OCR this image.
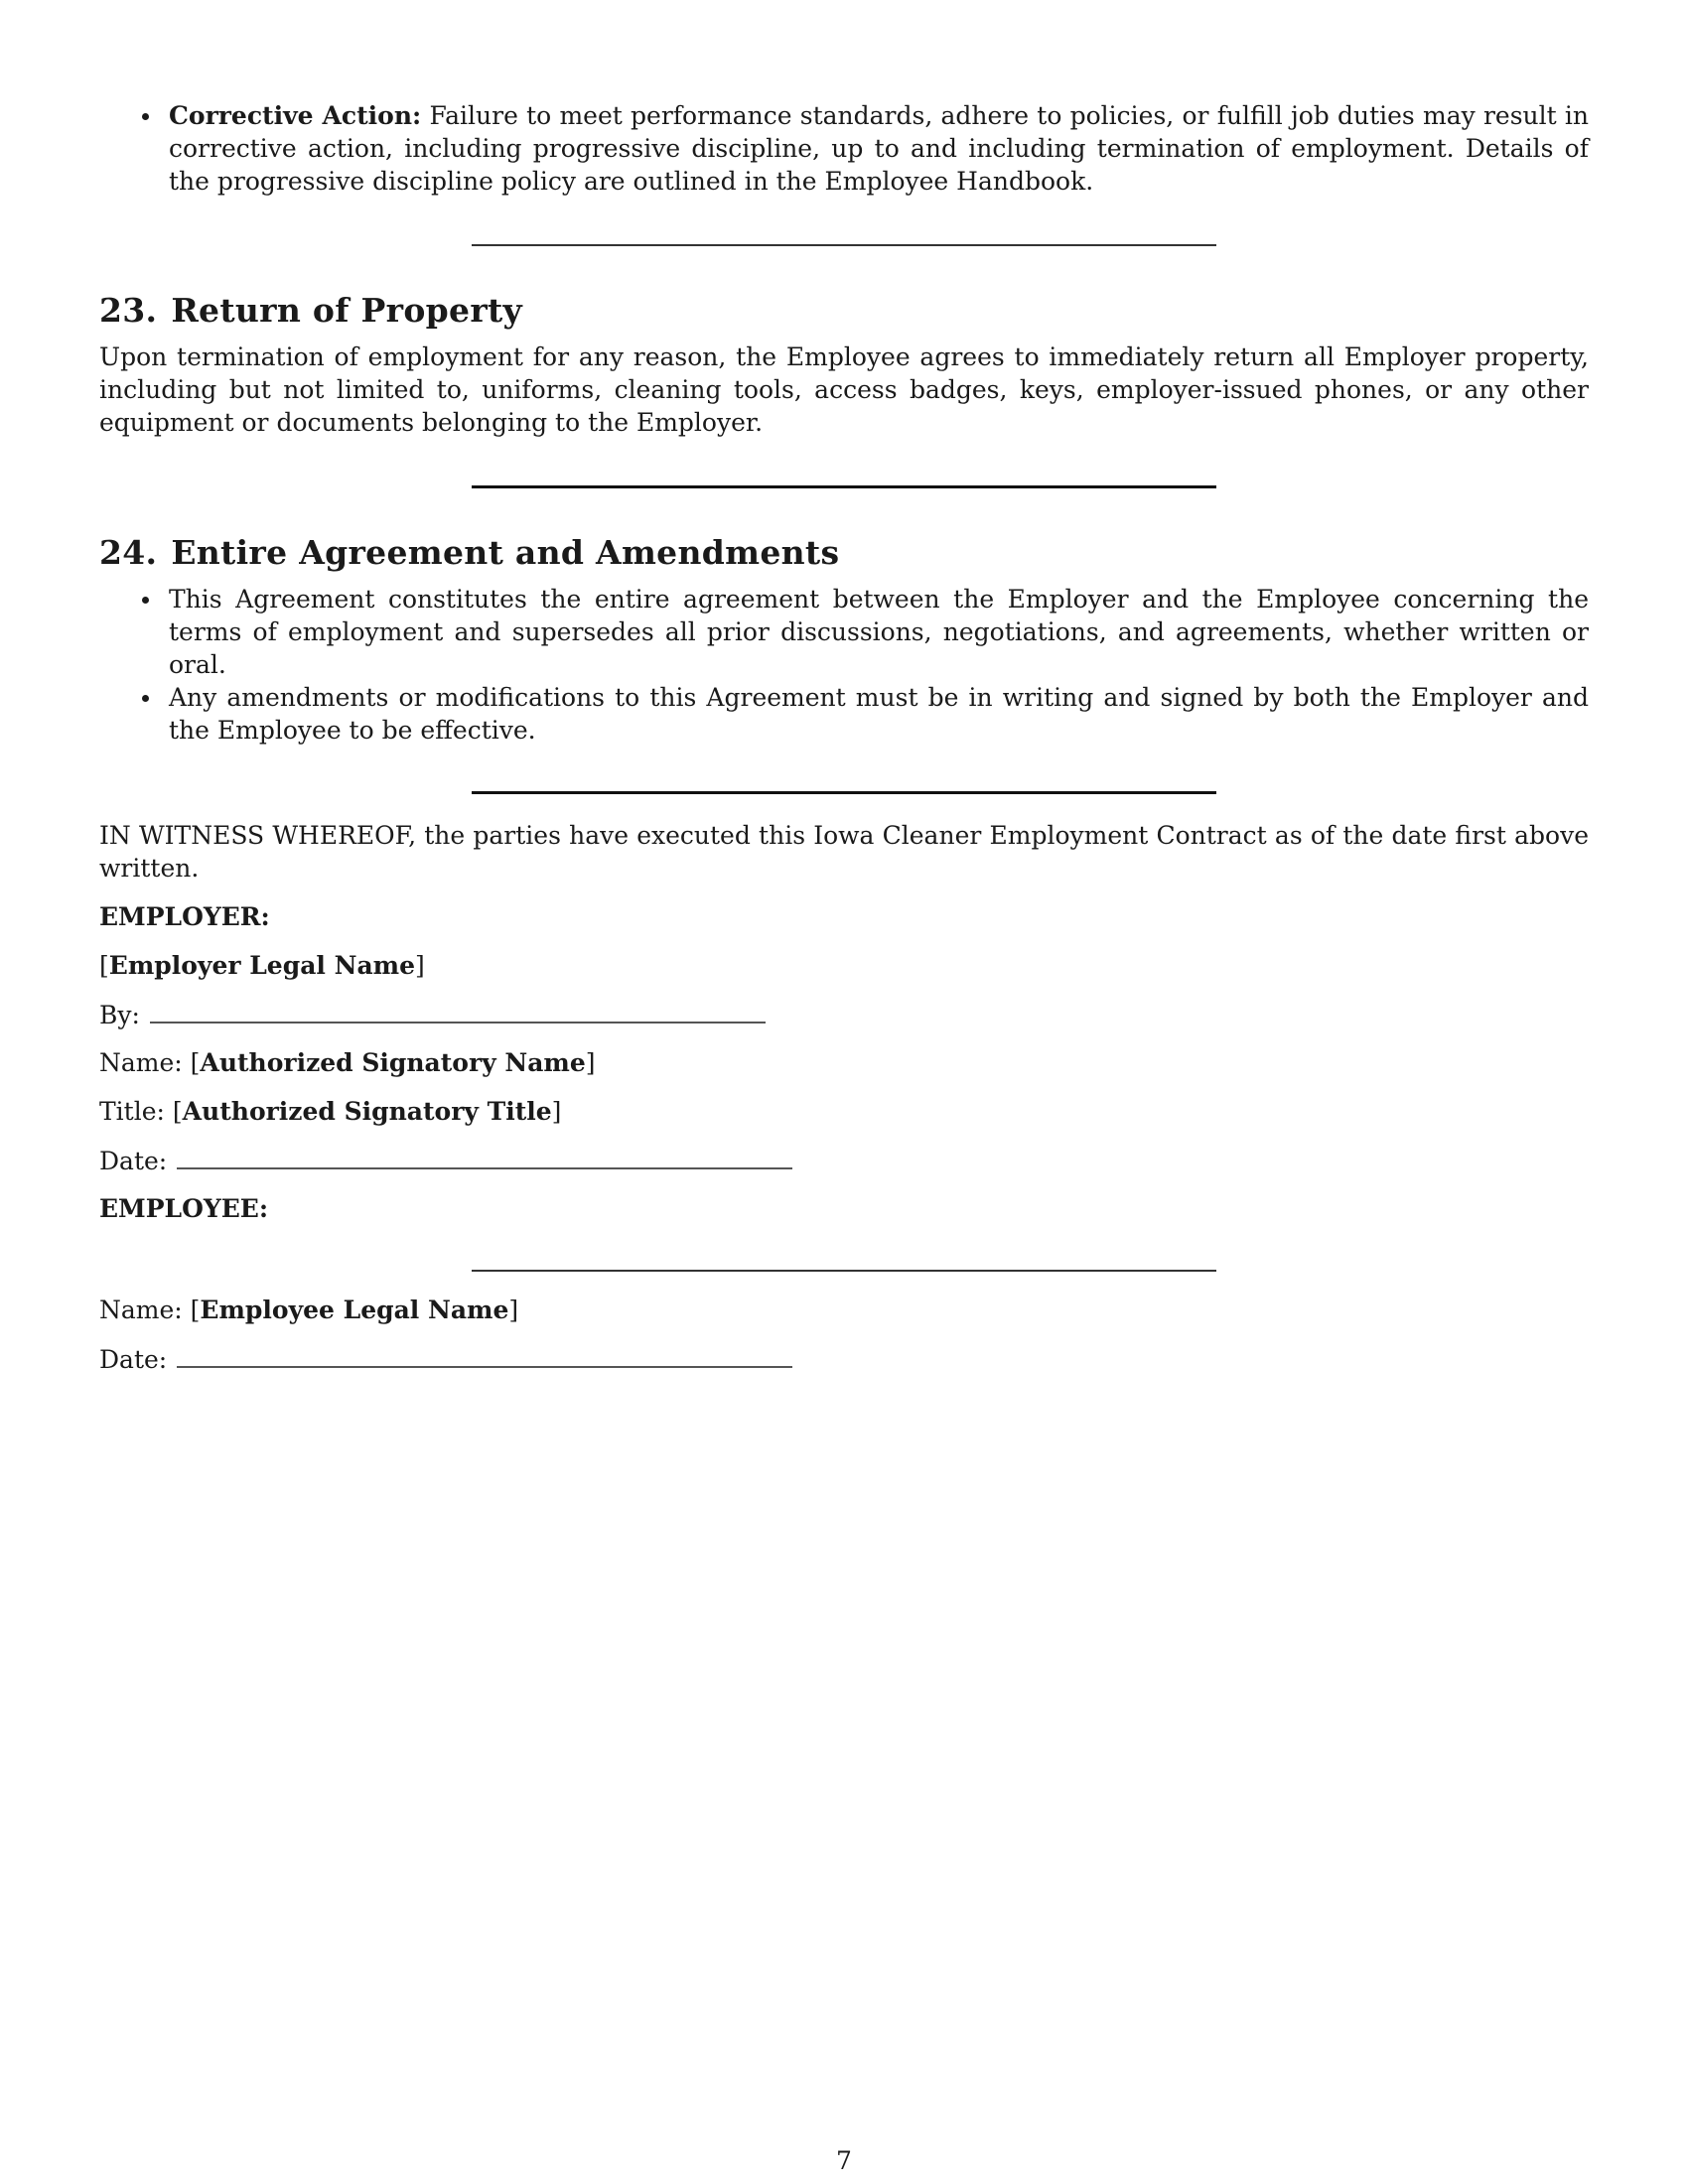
Corrective Action: Failure to meet performance standards, adhere to policies, or fulfill job duties may result in corrective action, including progressive discipline, up to and including termination of employment. Details of the progressive discipline policy are outlined in the Employee Handbook.
23. Return of Property

Upon termination of employment for any reason, the Employee agrees to immediately return all Employer property, including but not limited to, uniforms, cleaning tools, access badges, keys, employer-issued phones, or any other equipment or documents belonging to the Employer.

24. Entire Agreement and Amendments
This Agreement constitutes the entire agreement between the Employer and the Employee concerning the terms of employment and supersedes all prior discussions, negotiations, and agreements, whether written or oral.
Any amendments or modifications to this Agreement must be in writing and signed by both the Employer and the Employee to be effective.

IN WITNESS WHEREOF, the parties have executed this Iowa Cleaner Employment Contract as of the date first above written.

EMPLOYER:

[Employer Legal Name]

By:

Name: [Authorized Signatory Name]

Title: [Authorized Signatory Title]

Date:

EMPLOYEE:

Name: [Employee Legal Name]

Date:

7
